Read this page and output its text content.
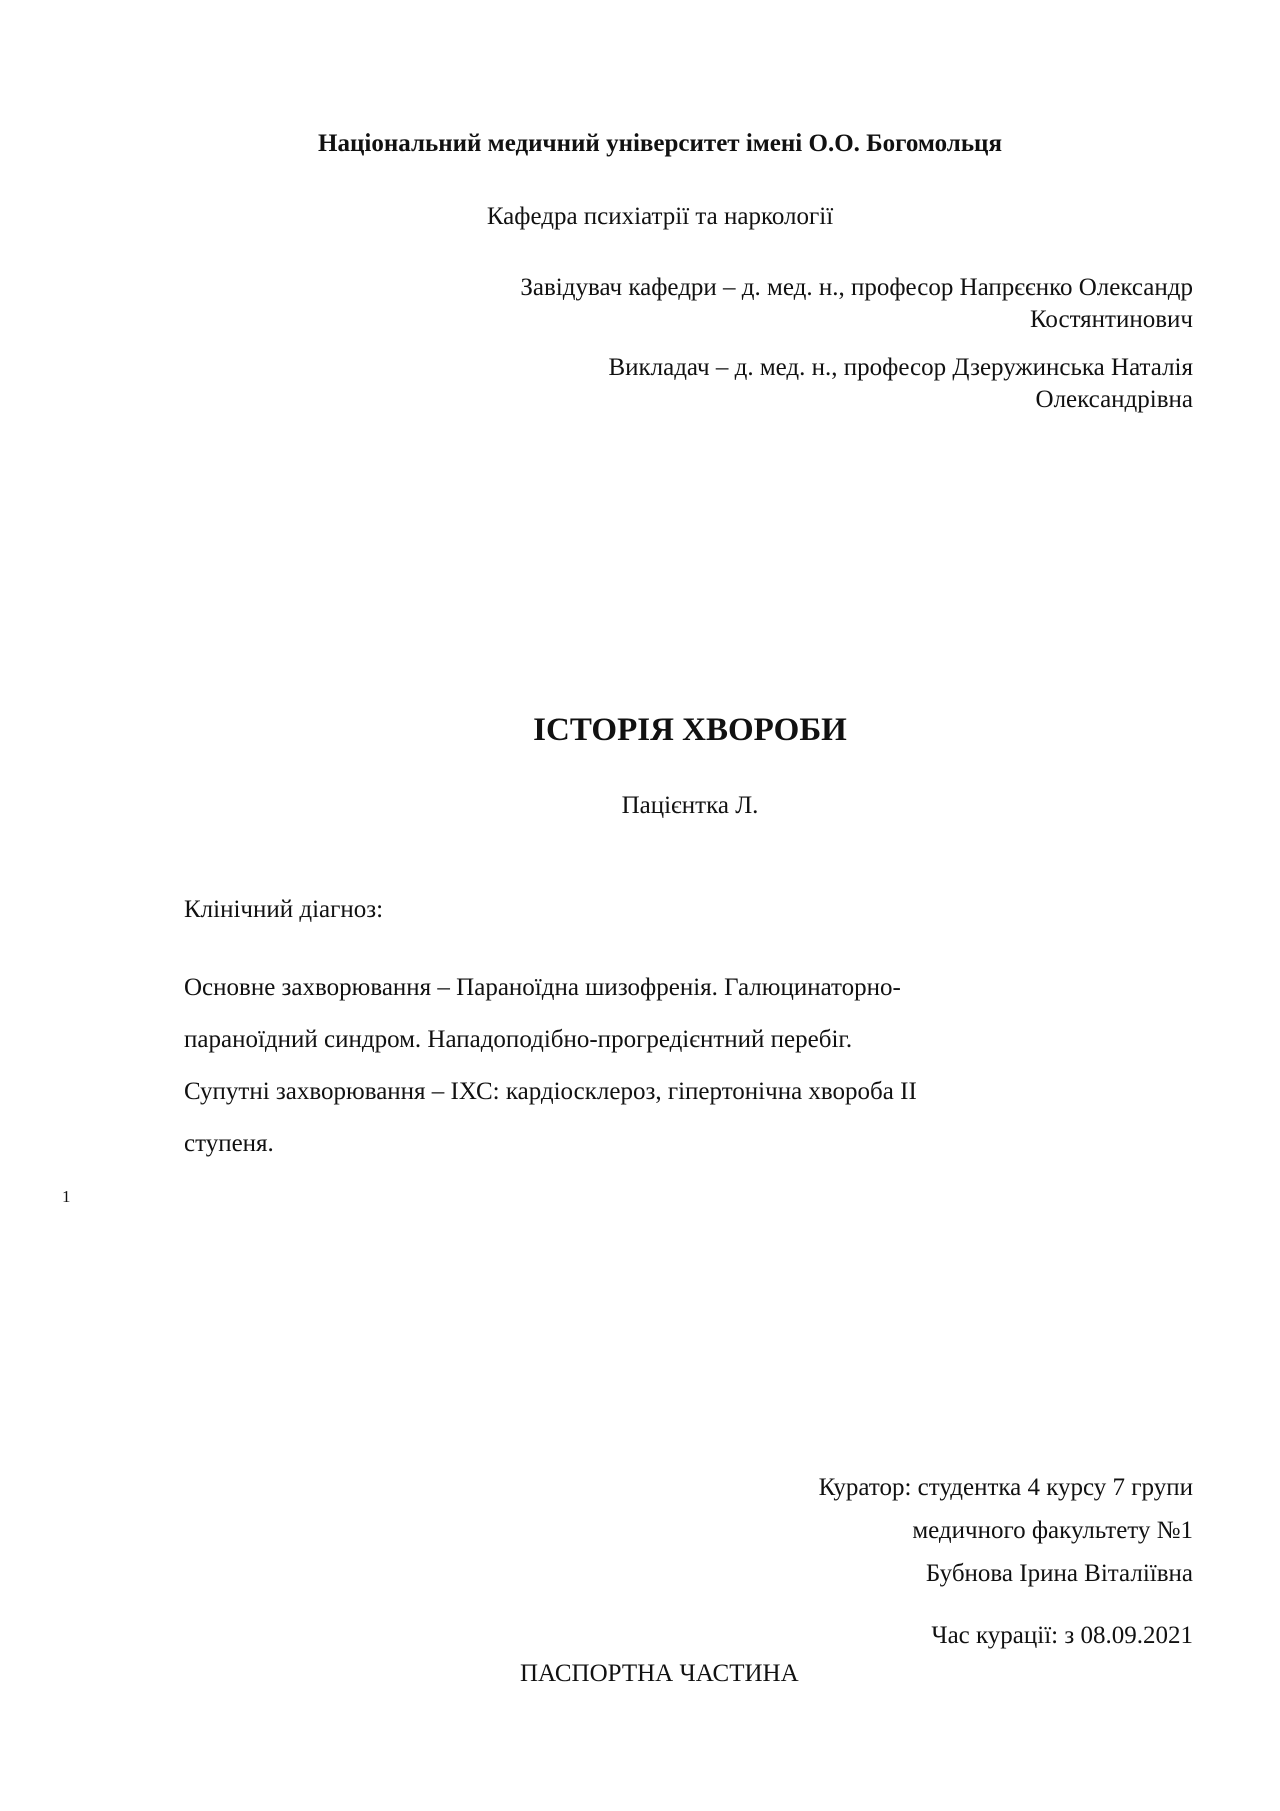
Національний медичний університет імені О.О. Богомольця
Кафедра психіатрії та наркології
Завідувач кафедри – д. мед. н., професор Напрєєнко Олександр
Костянтинович
Викладач – д. мед. н., професор Дзеружинська Наталія
Олександрівна
ІСТОРІЯ ХВОРОБИ
Пацієнтка Л.
Клінічний діагноз:
Основне захворювання – Параноїдна шизофренія. Галюцинаторно-
параноїдний синдром. Нападоподібно-прогредієнтний перебіг.
Супутні захворювання – ІХС: кардіосклероз, гіпертонічна хвороба ІІ
ступеня.
1
Куратор: студентка 4 курсу 7 групи
медичного факультету №1
Бубнова Ірина Віталіївна
Час курації: з 08.09.2021
ПАСПОРТНА ЧАСТИНА
